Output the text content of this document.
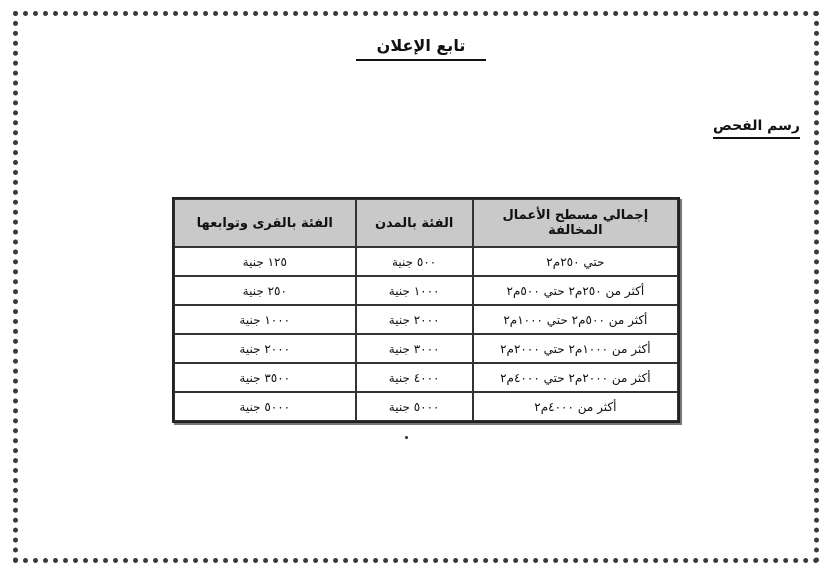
تابع الإعلان
رسم الفحص
إجمالي مسطح الأعمال المخالفة	الفئة بالمدن	الفئة بالقرى وتوابعها
حتي ٢٥٠م٢	٥٠٠ جنية	١٢٥ جنية
أكثر من ٢٥٠م٢ حتي ٥٠٠م٢	١٠٠٠ جنية	٢٥٠ جنية
أكثر من ٥٠٠م٢ حتي ١٠٠٠م٢	٢٠٠٠ جنية	١٠٠٠ جنية
أكثر من ١٠٠٠م٢ حتي ٢٠٠٠م٢	٣٠٠٠ جنية	٢٠٠٠ جنية
أكثر من ٢٠٠٠م٢ حتي ٤٠٠٠م٢	٤٠٠٠ جنية	٣٥٠٠ جنية
أكثر من ٤٠٠٠م٢	٥٠٠٠ جنية	٥٠٠٠ جنية
